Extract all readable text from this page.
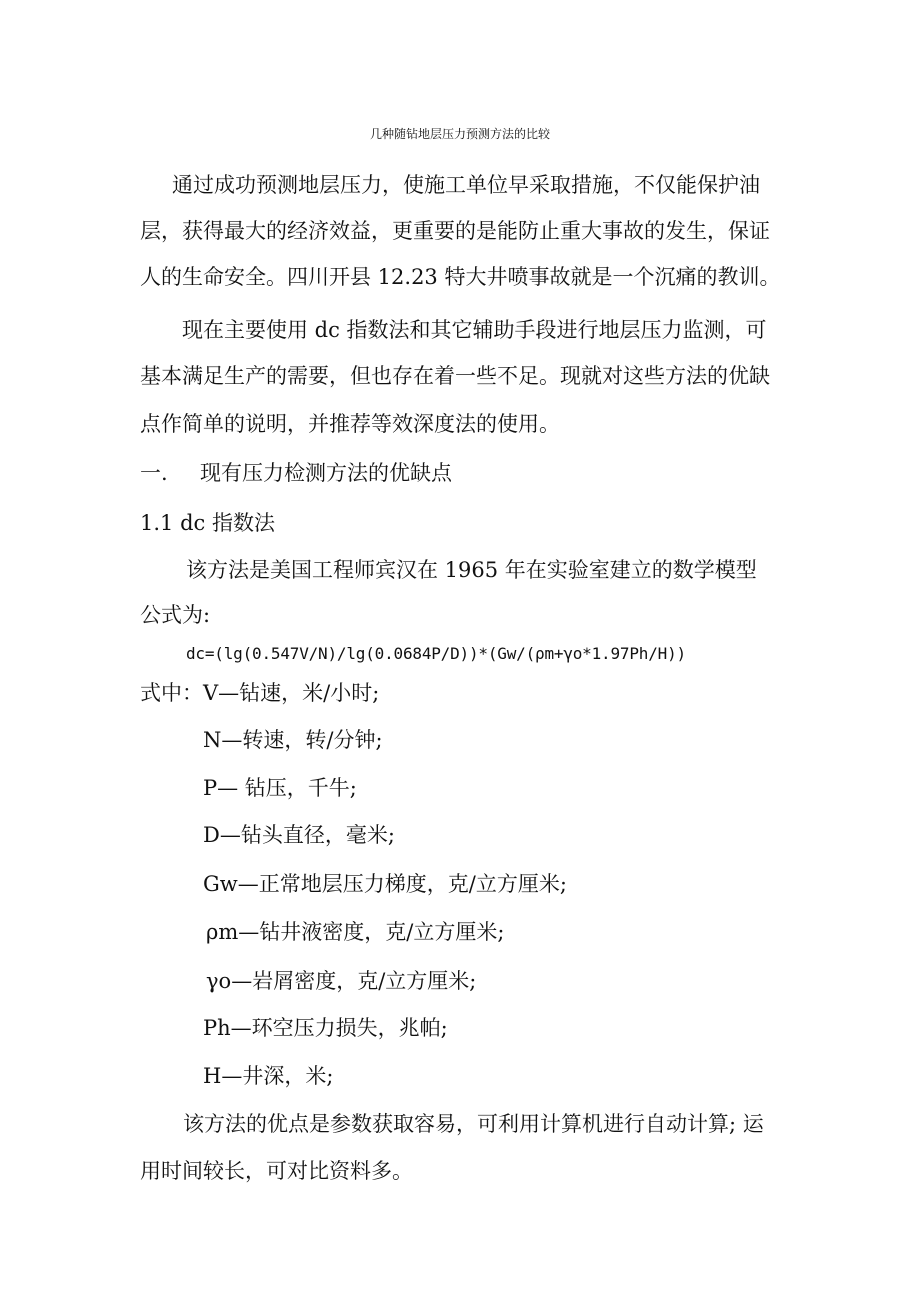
几种随钻地层压力预测方法的比较
通过成功预测地层压力，使施工单位早采取措施，不仅能保护油
层，获得最大的经济效益，更重要的是能防止重大事故的发生，保证
人的生命安全。四川开县 12.23 特大井喷事故就是一个沉痛的教训。
现在主要使用 dc 指数法和其它辅助手段进行地层压力监测，可
基本满足生产的需要，但也存在着一些不足。现就对这些方法的优缺
点作简单的说明，并推荐等效深度法的使用。
一. 现有压力检测方法的优缺点
1.1 dc 指数法
该方法是美国工程师宾汉在 1965 年在实验室建立的数学模型
公式为:
dc=(lg(0.547V/N)/lg(0.0684P/D))*(Gw/(ρm+γo*1.97Ph/H))
式中： V—钻速，米/小时;
N—转速，转/分钟;
P— 钻压，千牛;
D—钻头直径，毫米;
Gw—正常地层压力梯度，克/立方厘米;
ρm—钻井液密度，克/立方厘米;
γo—岩屑密度，克/立方厘米;
Ph—环空压力损失，兆帕;
H—井深，米;
该方法的优点是参数获取容易，可利用计算机进行自动计算; 运
用时间较长，可对比资料多。
